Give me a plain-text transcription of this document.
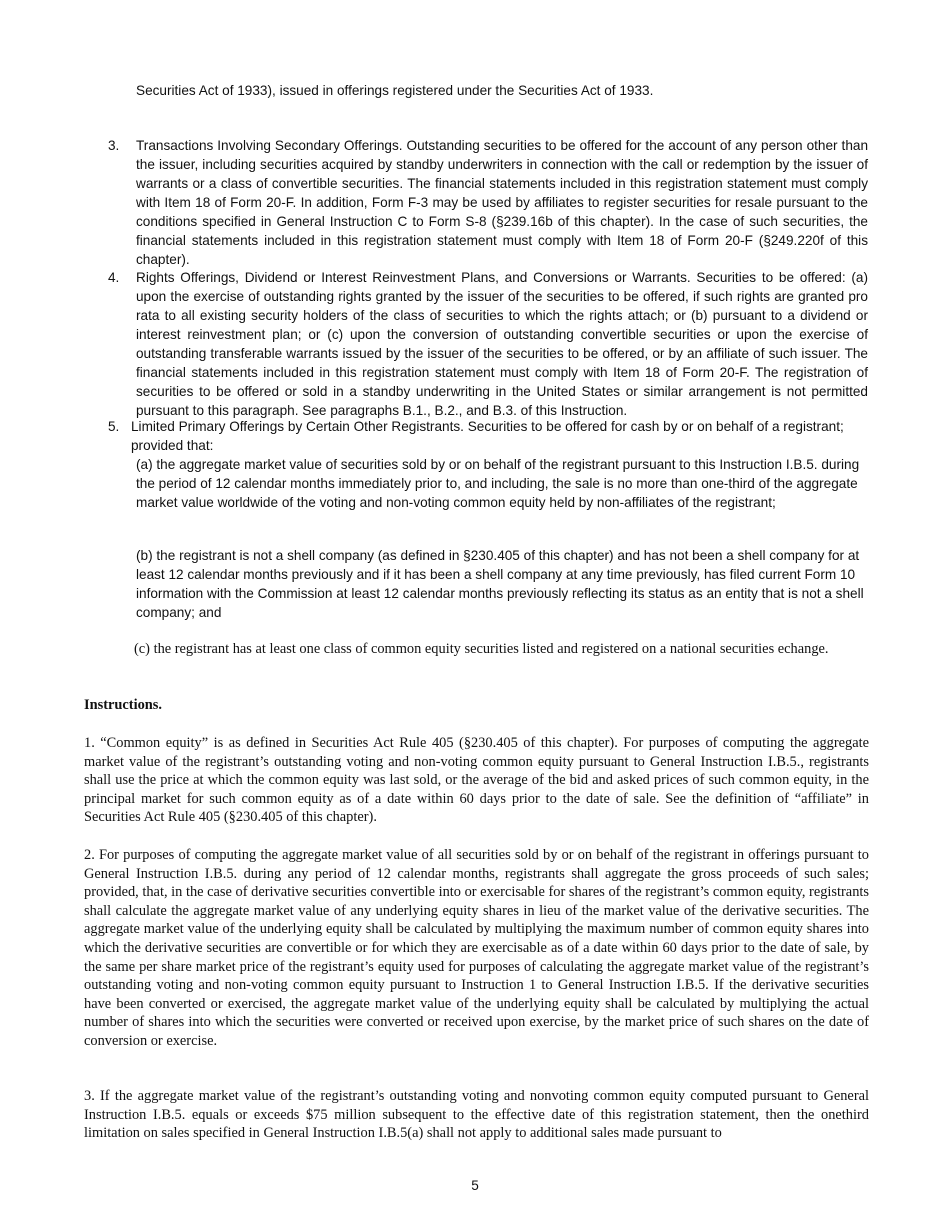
Securities Act of 1933), issued in offerings registered under the Securities Act of 1933.

3. Transactions Involving Secondary Offerings. Outstanding securities to be offered for the account of any person other than the issuer, including securities acquired by standby underwriters in connection with the call or redemption by the issuer of warrants or a class of convertible securities. The financial statements included in this registration statement must comply with Item 18 of Form 20-F. In addition, Form F-3 may be used by affiliates to register securities for resale pursuant to the conditions specified in General Instruction C to Form S-8 (§239.16b of this chapter). In the case of such securities, the financial statements included in this registration statement must comply with Item 18 of Form 20-F (§249.220f of this chapter).

4. Rights Offerings, Dividend or Interest Reinvestment Plans, and Conversions or Warrants. Securities to be offered: (a) upon the exercise of outstanding rights granted by the issuer of the securities to be offered, if such rights are granted pro rata to all existing security holders of the class of securities to which the rights attach; or (b) pursuant to a dividend or interest reinvestment plan; or (c) upon the conversion of outstanding convertible securities or upon the exercise of outstanding transferable warrants issued by the issuer of the securities to be offered, or by an affiliate of such issuer. The financial statements included in this registration statement must comply with Item 18 of Form 20-F. The registration of securities to be offered or sold in a standby underwriting in the United States or similar arrangement is not permitted pursuant to this paragraph. See paragraphs B.1., B.2., and B.3. of this Instruction.

5. Limited Primary Offerings by Certain Other Registrants. Securities to be offered for cash by or on behalf of a registrant; provided that:

(a) the aggregate market value of securities sold by or on behalf of the registrant pursuant to this Instruction I.B.5. during the period of 12 calendar months immediately prior to, and including, the sale is no more than one-third of the aggregate market value worldwide of the voting and non-voting common equity held by non-affiliates of the registrant;

(b) the registrant is not a shell company (as defined in §230.405 of this chapter) and has not been a shell company for at least 12 calendar months previously and if it has been a shell company at any time previously, has filed current Form 10 information with the Commission at least 12 calendar months previously reflecting its status as an entity that is not a shell company; and

(c) the registrant has at least one class of common equity securities listed and registered on a national securities echange.

Instructions.

1. “Common equity” is as defined in Securities Act Rule 405 (§230.405 of this chapter). For purposes of computing the aggregate market value of the registrant’s outstanding voting and non-voting common equity pursuant to General Instruction I.B.5., registrants shall use the price at which the common equity was last sold, or the average of the bid and asked prices of such common equity, in the principal market for such common equity as of a date within 60 days prior to the date of sale. See the definition of “affiliate” in Securities Act Rule 405 (§230.405 of this chapter).

2. For purposes of computing the aggregate market value of all securities sold by or on behalf of the registrant in offerings pursuant to General Instruction I.B.5. during any period of 12 calendar months, registrants shall aggregate the gross proceeds of such sales; provided, that, in the case of derivative securities convertible into or exercisable for shares of the registrant’s common equity, registrants shall calculate the aggregate market value of any underlying equity shares in lieu of the market value of the derivative securities. The aggregate market value of the underlying equity shall be calculated by multiplying the maximum number of common equity shares into which the derivative securities are convertible or for which they are exercisable as of a date within 60 days prior to the date of sale, by the same per share market price of the registrant’s equity used for purposes of calculating the aggregate market value of the registrant’s outstanding voting and non-voting common equity pursuant to Instruction 1 to General Instruction I.B.5. If the derivative securities have been converted or exercised, the aggregate market value of the underlying equity shall be calculated by multiplying the actual number of shares into which the securities were converted or received upon exercise, by the market price of such shares on the date of conversion or exercise.

3. If the aggregate market value of the registrant’s outstanding voting and nonvoting common equity computed pursuant to General Instruction I.B.5. equals or exceeds $75 million subsequent to the effective date of this registration statement, then the onethird limitation on sales specified in General Instruction I.B.5(a) shall not apply to additional sales made pursuant to

5
